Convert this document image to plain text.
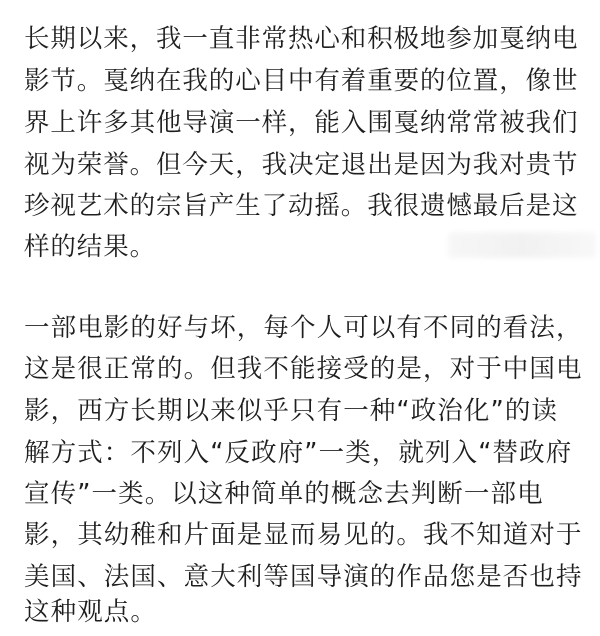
长期以来，我一直非常热心和积极地参加戛纳电
影节。戛纳在我的心目中有着重要的位置，像世
界上许多其他导演一样，能入围戛纳常常被我们
视为荣誉。但今天，我决定退出是因为我对贵节
珍视艺术的宗旨产生了动摇。我很遗憾最后是这
样的结果。
一部电影的好与坏，每个人可以有不同的看法，
这是很正常的。但我不能接受的是，对于中国电
影，西方长期以来似乎只有一种“政治化”的读
解方式：不列入“反政府”一类，就列入“替政府
宣传”一类。以这种简单的概念去判断一部电
影，其幼稚和片面是显而易见的。我不知道对于
美国、法国、意大利等国导演的作品您是否也持
这种观点。
